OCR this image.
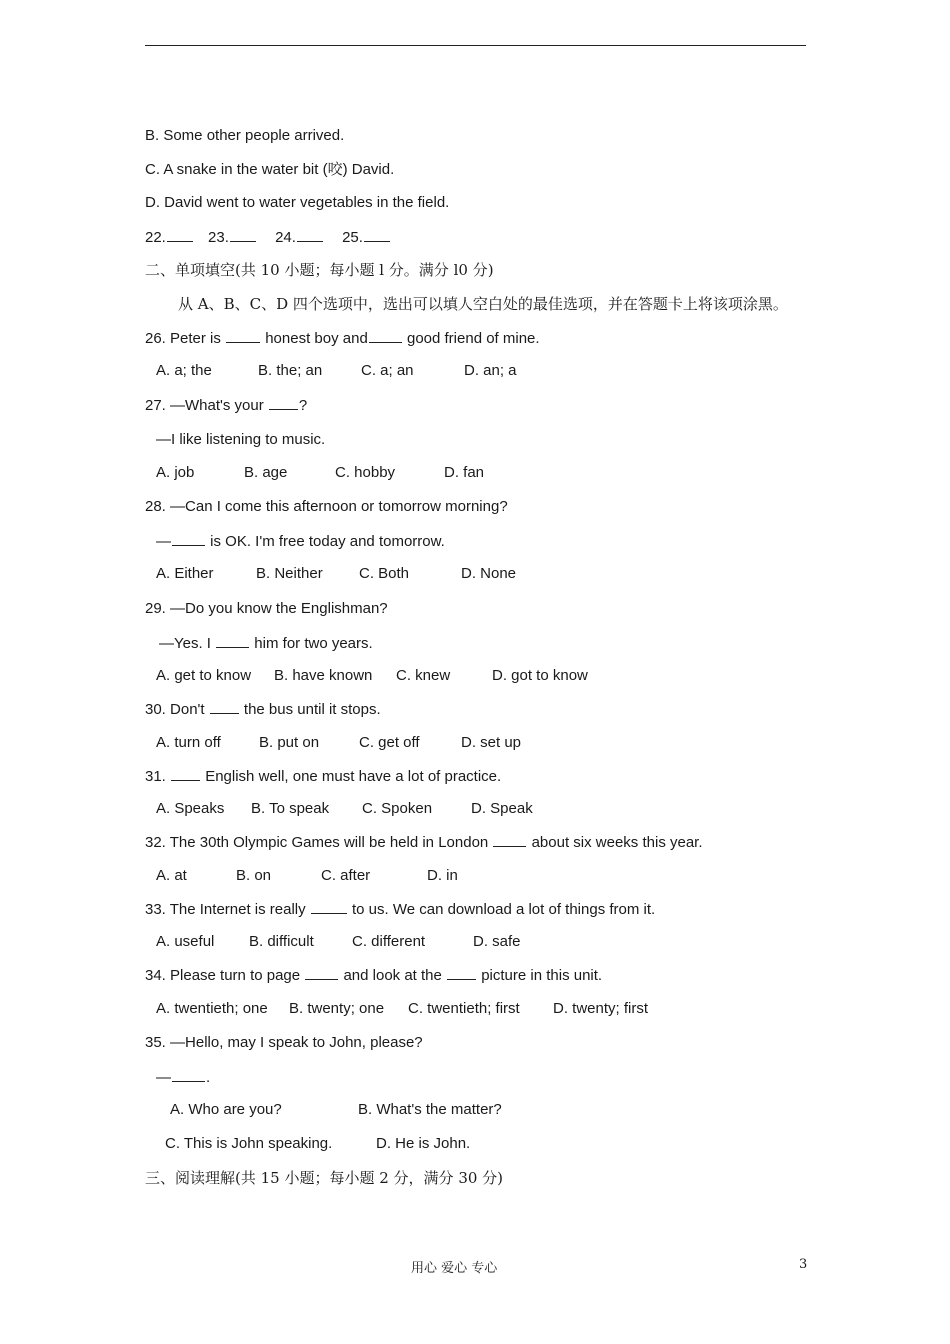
B. Some other people arrived.
C. A snake in the water bit (咬) David.
D. David went to water vegetables in the field.
22.	23.	24.	25.
二、单项填空(共 10 小题；每小题 l 分。满分 l0 分)
从 A、B、C、D 四个选项中，选出可以填人空白处的最佳选项，并在答题卡上将该项涂黑。
26. Peter is  honest boy and good friend of mine.
A. a; the	B. the; an	C. a; an	D. an; a
27. —What's your ?
—I like listening to music.
A. job	B. age	C. hobby	D. fan
28. —Can I come this afternoon or tomorrow morning?
— is OK. I'm free today and tomorrow.
A. Either	B. Neither C. Both	D. None
29. —Do you know the Englishman?
—Yes. I  him for two years.
A. get to know B. have known C. knew	D. got to know
30. Don't  the bus until it stops.
A. turn off	B. put on	C. get off	D. set up
31.  English well, one must have a lot of practice.
A. Speaks B. To speak C. Spoken	D. Speak
32. The 30th Olympic Games will be held in London  about six weeks this year.
A. at	B. on	C. after	D. in
33. The Internet is really	to us. We can download a lot of things from it.
A. useful B. difficult	C. different	D. safe
34. Please turn to page  and look at the  picture in this unit.
A. twentieth; one B. twenty; one C. twentieth; first D. twenty; first
35. —Hello, may I speak to John, please?
— .
A. Who are you?	B. What's the matter?
C. This is John speaking.	D. He is John.
三、阅读理解(共 15 小题；每小题 2 分，满分 30 分)
用心 爱心 专心	3
